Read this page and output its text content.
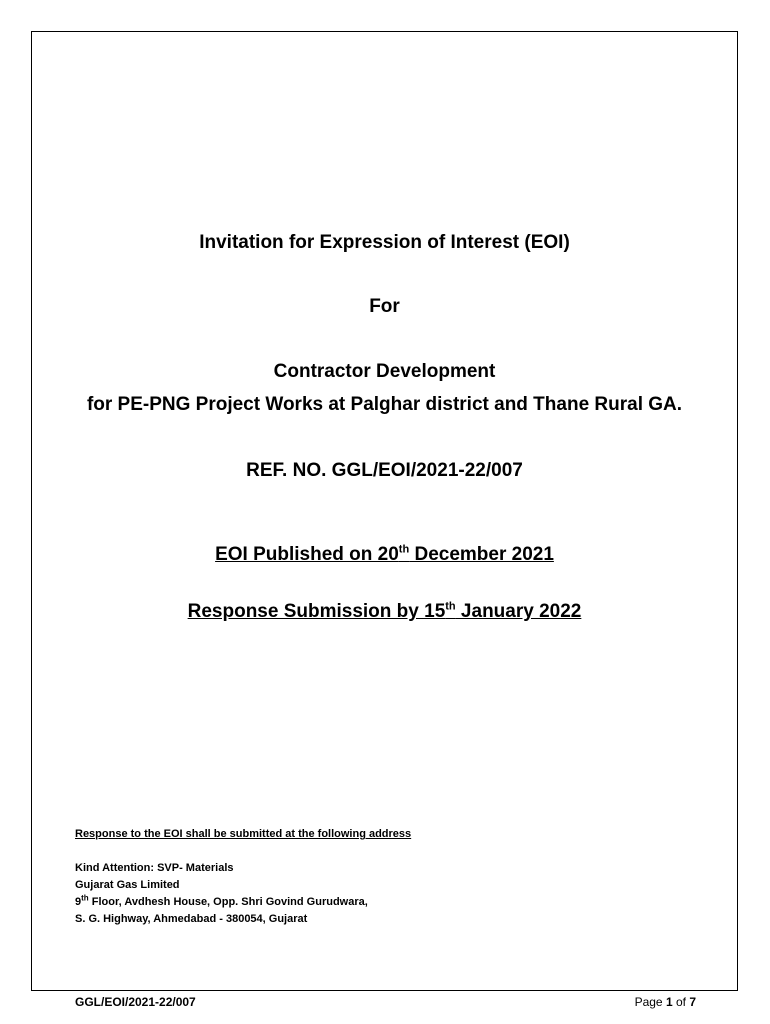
Invitation for Expression of Interest (EOI)
For
Contractor Development
for PE-PNG Project Works at Palghar district and Thane Rural GA.
REF. NO. GGL/EOI/2021-22/007
EOI Published on 20th December 2021
Response Submission by 15th January 2022
Response to the EOI shall be submitted at the following address
Kind Attention: SVP- Materials
Gujarat Gas Limited
9th Floor, Avdhesh House, Opp. Shri Govind Gurudwara,
S. G. Highway, Ahmedabad - 380054, Gujarat
GGL/EOI/2021-22/007	Page 1 of 7
